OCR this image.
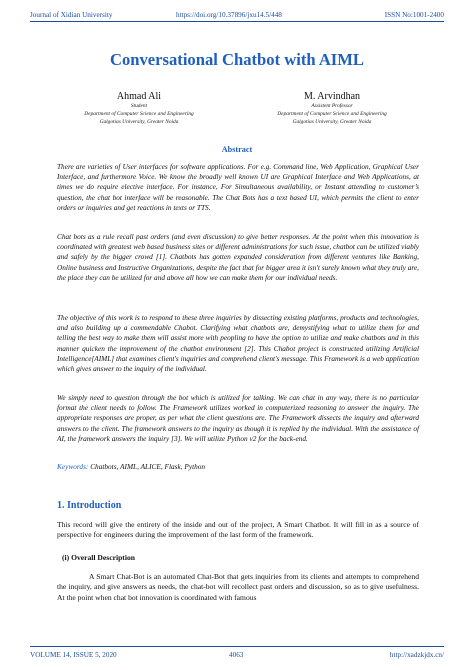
Journal of Xidian University	https://doi.org/10.37896/jxu14.5/448	ISSN No:1001-2400
Conversational Chatbot with AIML
Ahmad Ali
Student
Department of Computer Science and Engineering
Galgotias University, Greater Noida
M. Arvindhan
Assistent Professor
Department of Computer Science and Engineering
Galgotias University, Greater Noida
Abstract

There are varieties of User interfaces for software applications. For e.g. Command line, Web Application, Graphical User Interface, and furthermore Voice. We know the broadly well known UI are Graphical Interface and Web Applications, at times we do require elective interface. For instance, For Simultaneous availability, or Instant attending to customer’s question, the chat bot interface will be reasonable. The Chat Bots has a text based UI, which permits the client to enter orders or inquiries and get reactions in texts or TTS.

Chat bots as a rule recall past orders (and even discussion) to give better responses. At the point when this innovation is coordinated with greatest web based business sites or different administrations for such issue, chatbot can be utilized viably and safely by the bigger crowd [1]. Chatbots has gotten expanded consideration from different ventures like Banking, Online business and Instructive Organizations, despite the fact that for bigger area it isn't surely known what they truly are, the place they can be utilized for and above all how we can make them for our individual needs.

The objective of this work is to respond to these three inquiries by dissecting existing platforms, products and technologies, and also building up a commendable Chabot. Clarifying what chatbots are, demystifying what to utilize them for and telling the best way to make them will assist more with peopling to have the option to utilize and make chatbots and in this manner quicken the improvement of the chatbot environment [2]. This Chabot project is constructed utilizing Artificial Intelligence[AIML] that examines client's inquiries and comprehend client's message. This Framework is a web application which gives answer to the inquiry of the individual.

We simply need to question through the bot which is utilized for talking. We can chat in any way, there is no particular format the client needs to follow. The Framework utilizes worked in computerized reasoning to answer the inquiry. The appropriate responses are proper, as per what the client questions are. The Framework dissects the inquiry and afterward answers to the client. The framework answers to the inquiry as though it is replied by the individual. With the assistance of AI, the framework answers the inquiry [3]. We will utilize Python v2 for the back-end.

Keywords: Chatbots, AIML, ALICE, Flask, Python

1. Introduction

This record will give the entirety of the inside and out of the project, A Smart Chatbot. It will fill in as a source of perspective for engineers during the improvement of the last form of the framework.

(i) Overall Description

A Smart Chat-Bot is an automated Chat-Bot that gets inquiries from its clients and attempts to comprehend the inquiry, and give answers as needs, the chat-bot will recollect past orders and discussion, so as to give usefulness. At the point when chat bot innovation is coordinated with famous

VOLUME 14, ISSUE 5, 2020	4063	http://xadzkjdx.cn/
